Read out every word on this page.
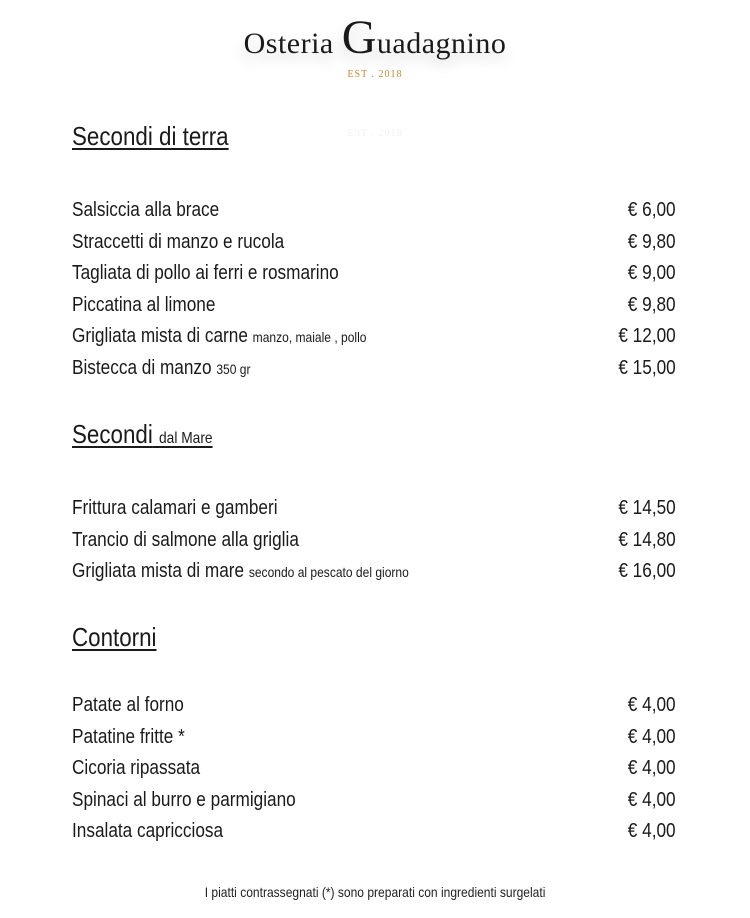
Osteria Guadagnino
EST . 2018
EST . 2018
Secondi di terra
Salsiccia alla brace	€ 6,00
Straccetti di manzo e rucola	€ 9,80
Tagliata di pollo ai ferri e rosmarino	€ 9,00
Piccatina al limone	€ 9,80
Grigliata mista di carne manzo, maiale , pollo	€ 12,00
Bistecca di manzo 350 gr	€ 15,00
Secondi dal Mare
Frittura calamari e gamberi	€ 14,50
Trancio di salmone alla griglia	€ 14,80
Grigliata mista di mare secondo al pescato del giorno	€ 16,00
Contorni
Patate al forno	€ 4,00
Patatine fritte *	€ 4,00
Cicoria ripassata	€ 4,00
Spinaci al burro e parmigiano	€ 4,00
Insalata capricciosa	€ 4,00
I piatti contrassegnati (*) sono preparati con ingredienti surgelati
